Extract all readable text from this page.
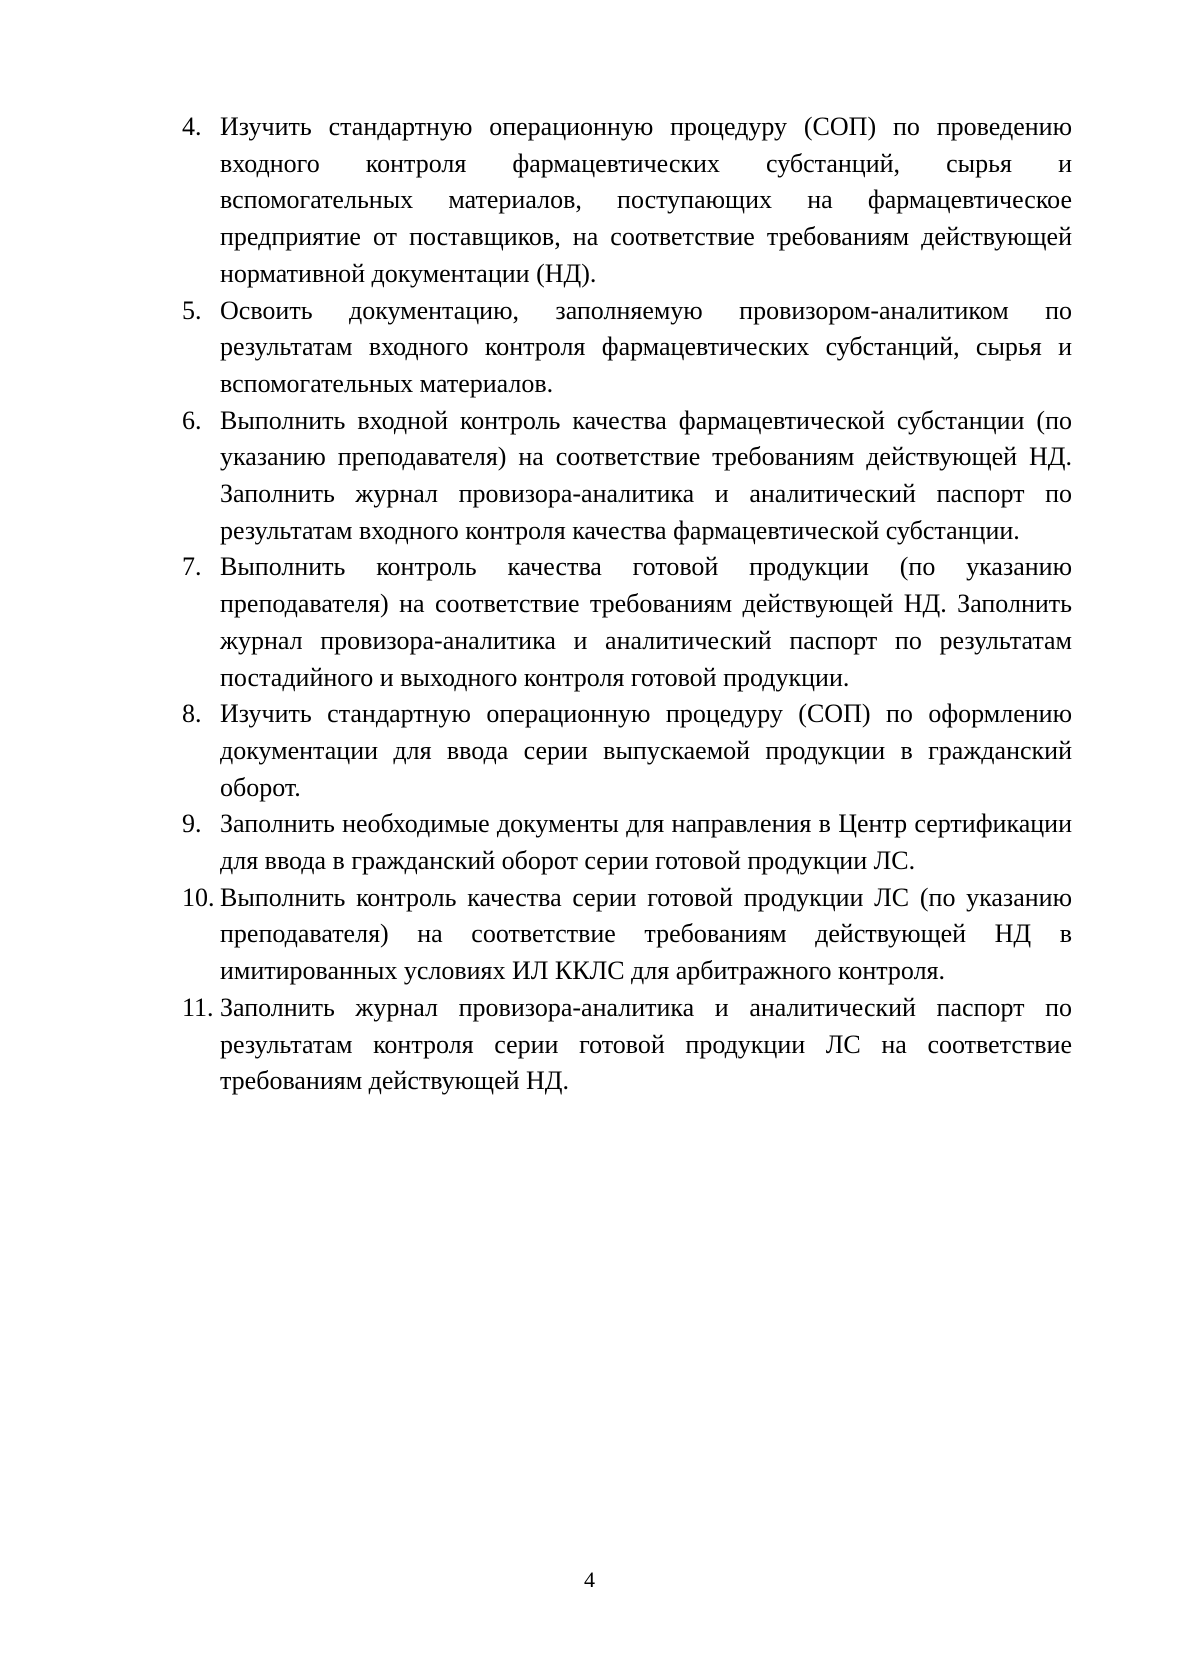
4. Изучить стандартную операционную процедуру (СОП) по проведению входного контроля фармацевтических субстанций, сырья и вспомогательных материалов, поступающих на фармацевтическое предприятие от поставщиков, на соответствие требованиям действующей нормативной документации (НД).
5. Освоить документацию, заполняемую провизором-аналитиком по результатам входного контроля фармацевтических субстанций, сырья и вспомогательных материалов.
6. Выполнить входной контроль качества фармацевтической субстанции (по указанию преподавателя) на соответствие требованиям действующей НД. Заполнить журнал провизора-аналитика и аналитический паспорт по результатам входного контроля качества фармацевтической субстанции.
7. Выполнить контроль качества готовой продукции (по указанию преподавателя) на соответствие требованиям действующей НД. Заполнить журнал провизора-аналитика и аналитический паспорт по результатам постадийного и выходного контроля готовой продукции.
8. Изучить стандартную операционную процедуру (СОП) по оформлению документации для ввода серии выпускаемой продукции в гражданский оборот.
9. Заполнить необходимые документы для направления в Центр сертификации для ввода в гражданский оборот серии готовой продукции ЛС.
10. Выполнить контроль качества серии готовой продукции ЛС (по указанию преподавателя) на соответствие требованиям действующей НД в имитированных условиях ИЛ ККЛС для арбитражного контроля.
11. Заполнить журнал провизора-аналитика и аналитический паспорт по результатам контроля серии готовой продукции ЛС на соответствие требованиям действующей НД.
4
